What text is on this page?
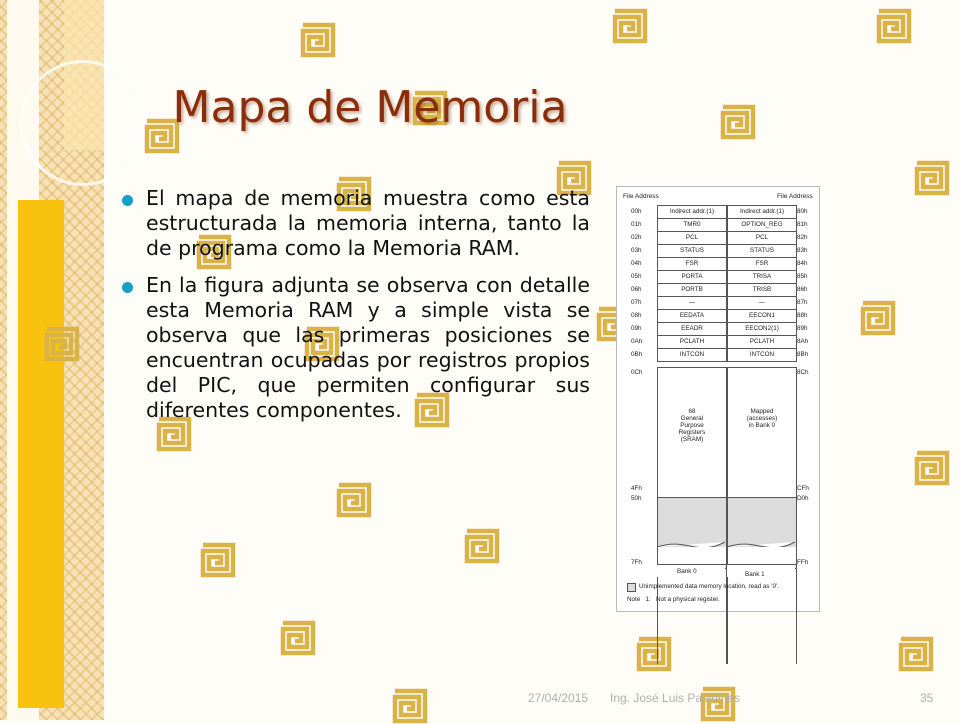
Mapa de Memoria
El mapa de memoria muestra como esta estructurada la memoria interna, tanto la de programa como la Memoria RAM.
En la figura adjunta se observa con detalle esta Memoria RAM y a simple vista se observa que las primeras posiciones se encuentran ocupadas por registros propios del PIC, que permiten configurar sus diferentes componentes.
File Address	File Address
00h	Indirect addr.(1)	Indirect addr.(1)	80h
01h	TMR0	OPTION_REG	81h
02h	PCL	PCL	82h
03h	STATUS	STATUS	83h
04h	FSR	FSR	84h
05h	PORTA	TRISA	85h
06h	PORTB	TRISB	86h
07h	—	—	87h
08h	EEDATA	EECON1	88h
09h	EEADR	EECON2(1)	89h
0Ah	PCLATH	PCLATH	8Ah
0Bh	INTCON	INTCON	8Bh
0Ch	8Ch
68
General
Purpose
Registers
(SRAM)
Mapped
(accesses)
in Bank 0
4Fh
50h
CFh
D0h
7Fh	FFh
Bank 0	Bank 1
Unimplemented data memory location, read as '0'.
Note   1:   Not a physical register.
27/04/2015 Ing. José Luis Paladines	35
